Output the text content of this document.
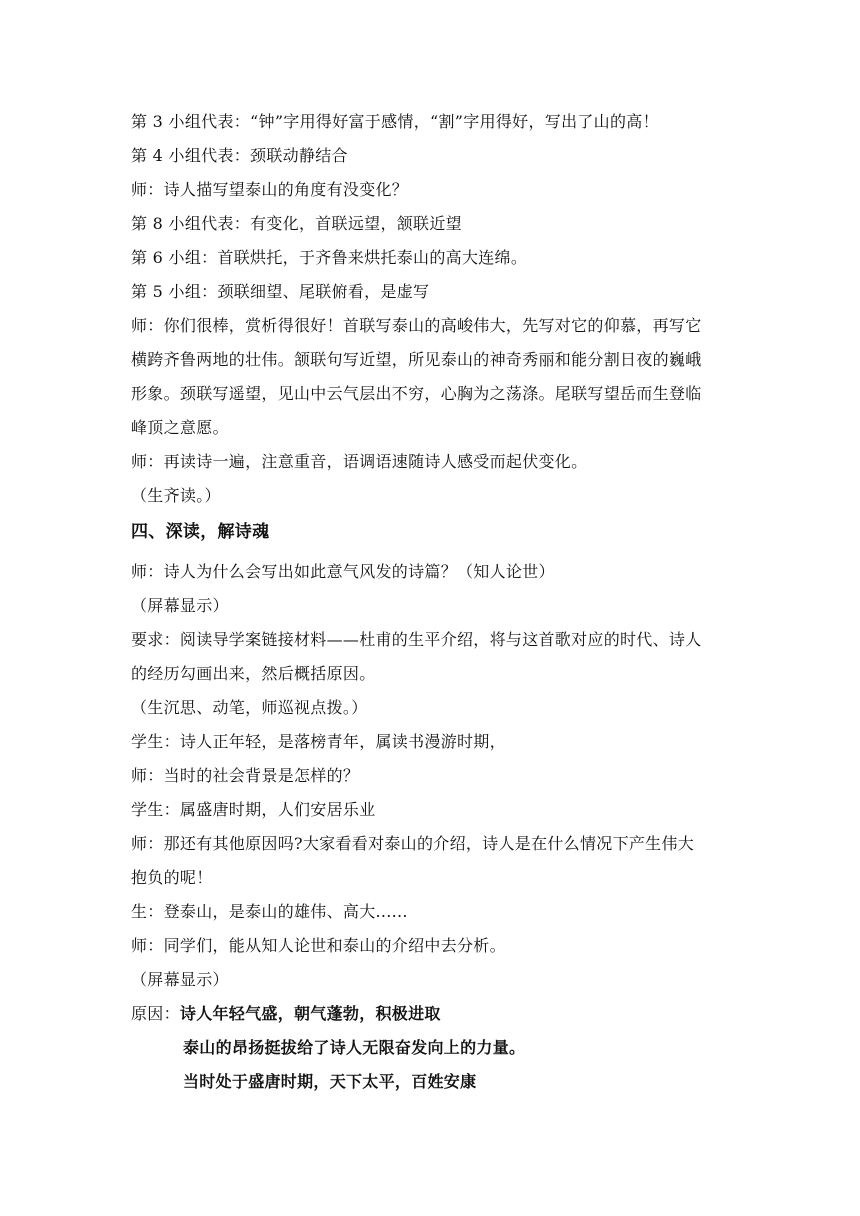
第 3 小组代表：“钟”字用得好富于感情，“割”字用得好，写出了山的高！
第 4 小组代表：颈联动静结合
师：诗人描写望泰山的角度有没变化？
第 8 小组代表：有变化，首联远望，颔联近望
第 6 小组：首联烘托，于齐鲁来烘托泰山的高大连绵。
第 5 小组：颈联细望、尾联俯看，是虚写
师：你们很棒，赏析得很好！首联写泰山的高峻伟大，先写对它的仰慕，再写它
横跨齐鲁两地的壮伟。颔联句写近望，所见泰山的神奇秀丽和能分割日夜的巍峨
形象。颈联写遥望，见山中云气层出不穷，心胸为之荡涤。尾联写望岳而生登临
峰顶之意愿。
师：再读诗一遍，注意重音，语调语速随诗人感受而起伏变化。
（生齐读。）
四、深读，解诗魂
师：诗人为什么会写出如此意气风发的诗篇？（知人论世）
（屏幕显示）
要求：阅读导学案链接材料——杜甫的生平介绍，将与这首歌对应的时代、诗人
的经历勾画出来，然后概括原因。
（生沉思、动笔，师巡视点拨。）
学生：诗人正年轻，是落榜青年，属读书漫游时期，
师：当时的社会背景是怎样的？
学生：属盛唐时期，人们安居乐业
师：那还有其他原因吗?大家看看对泰山的介绍，诗人是在什么情况下产生伟大
抱负的呢！
生：登泰山，是泰山的雄伟、高大......
师：同学们，能从知人论世和泰山的介绍中去分析。
（屏幕显示）
原因：诗人年轻气盛，朝气蓬勃，积极进取
泰山的昂扬挺拔给了诗人无限奋发向上的力量。
当时处于盛唐时期，天下太平，百姓安康
